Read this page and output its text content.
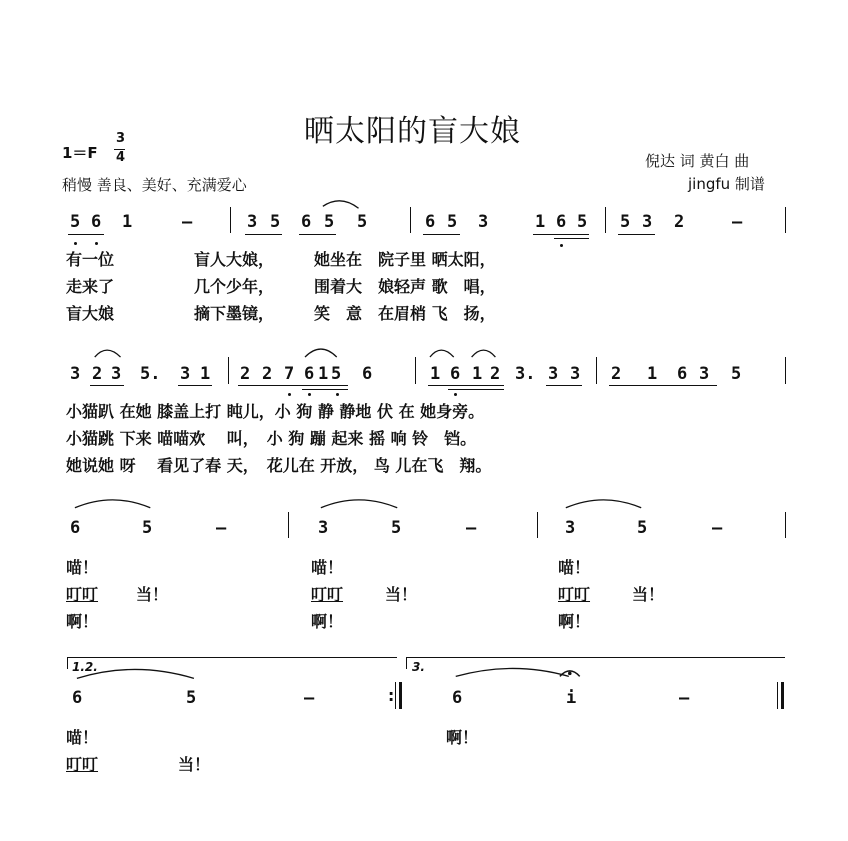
晒太阳的盲大娘
1＝F
3
4
稍慢 善良、美好、充满爱心
倪达 词 黄白 曲
jingfu 制谱
5 6 1	–	3 5 6 5 5	6 5 3	1 6 5 5 3 2	–
有一位　　　　　盲人大娘，　　　她坐在　院子里 晒太阳，
走来了　　　　　几个少年，　　　围着大　娘轻声 歌　唱，
盲大娘　　　　　摘下墨镜，　　　笑　意　在眉梢 飞　扬，
3 2 3 5. 3 1 2 2 7 6 1 5 6	1 6 1 2 3. 3 3 2 1 6 3 5
小猫趴 在她 膝盖上打 盹儿，小 狗 静 静地 伏 在 她身旁。
小猫跳 下来 喵喵欢　 叫，　小 狗 蹦 起来 摇 响 铃　铛。
她说她 呀　 看见了春 天，　花儿在 开放， 鸟 儿在飞　翔。
6	5	–	3	5	–	3	5	–
喵！
叮叮 当！
啊！
喵！
叮叮	当！
啊！
喵！
叮叮	当！
啊！
1.2.	3.
6	5	–	:	6	i	–
喵！
叮叮	当！
啊！
